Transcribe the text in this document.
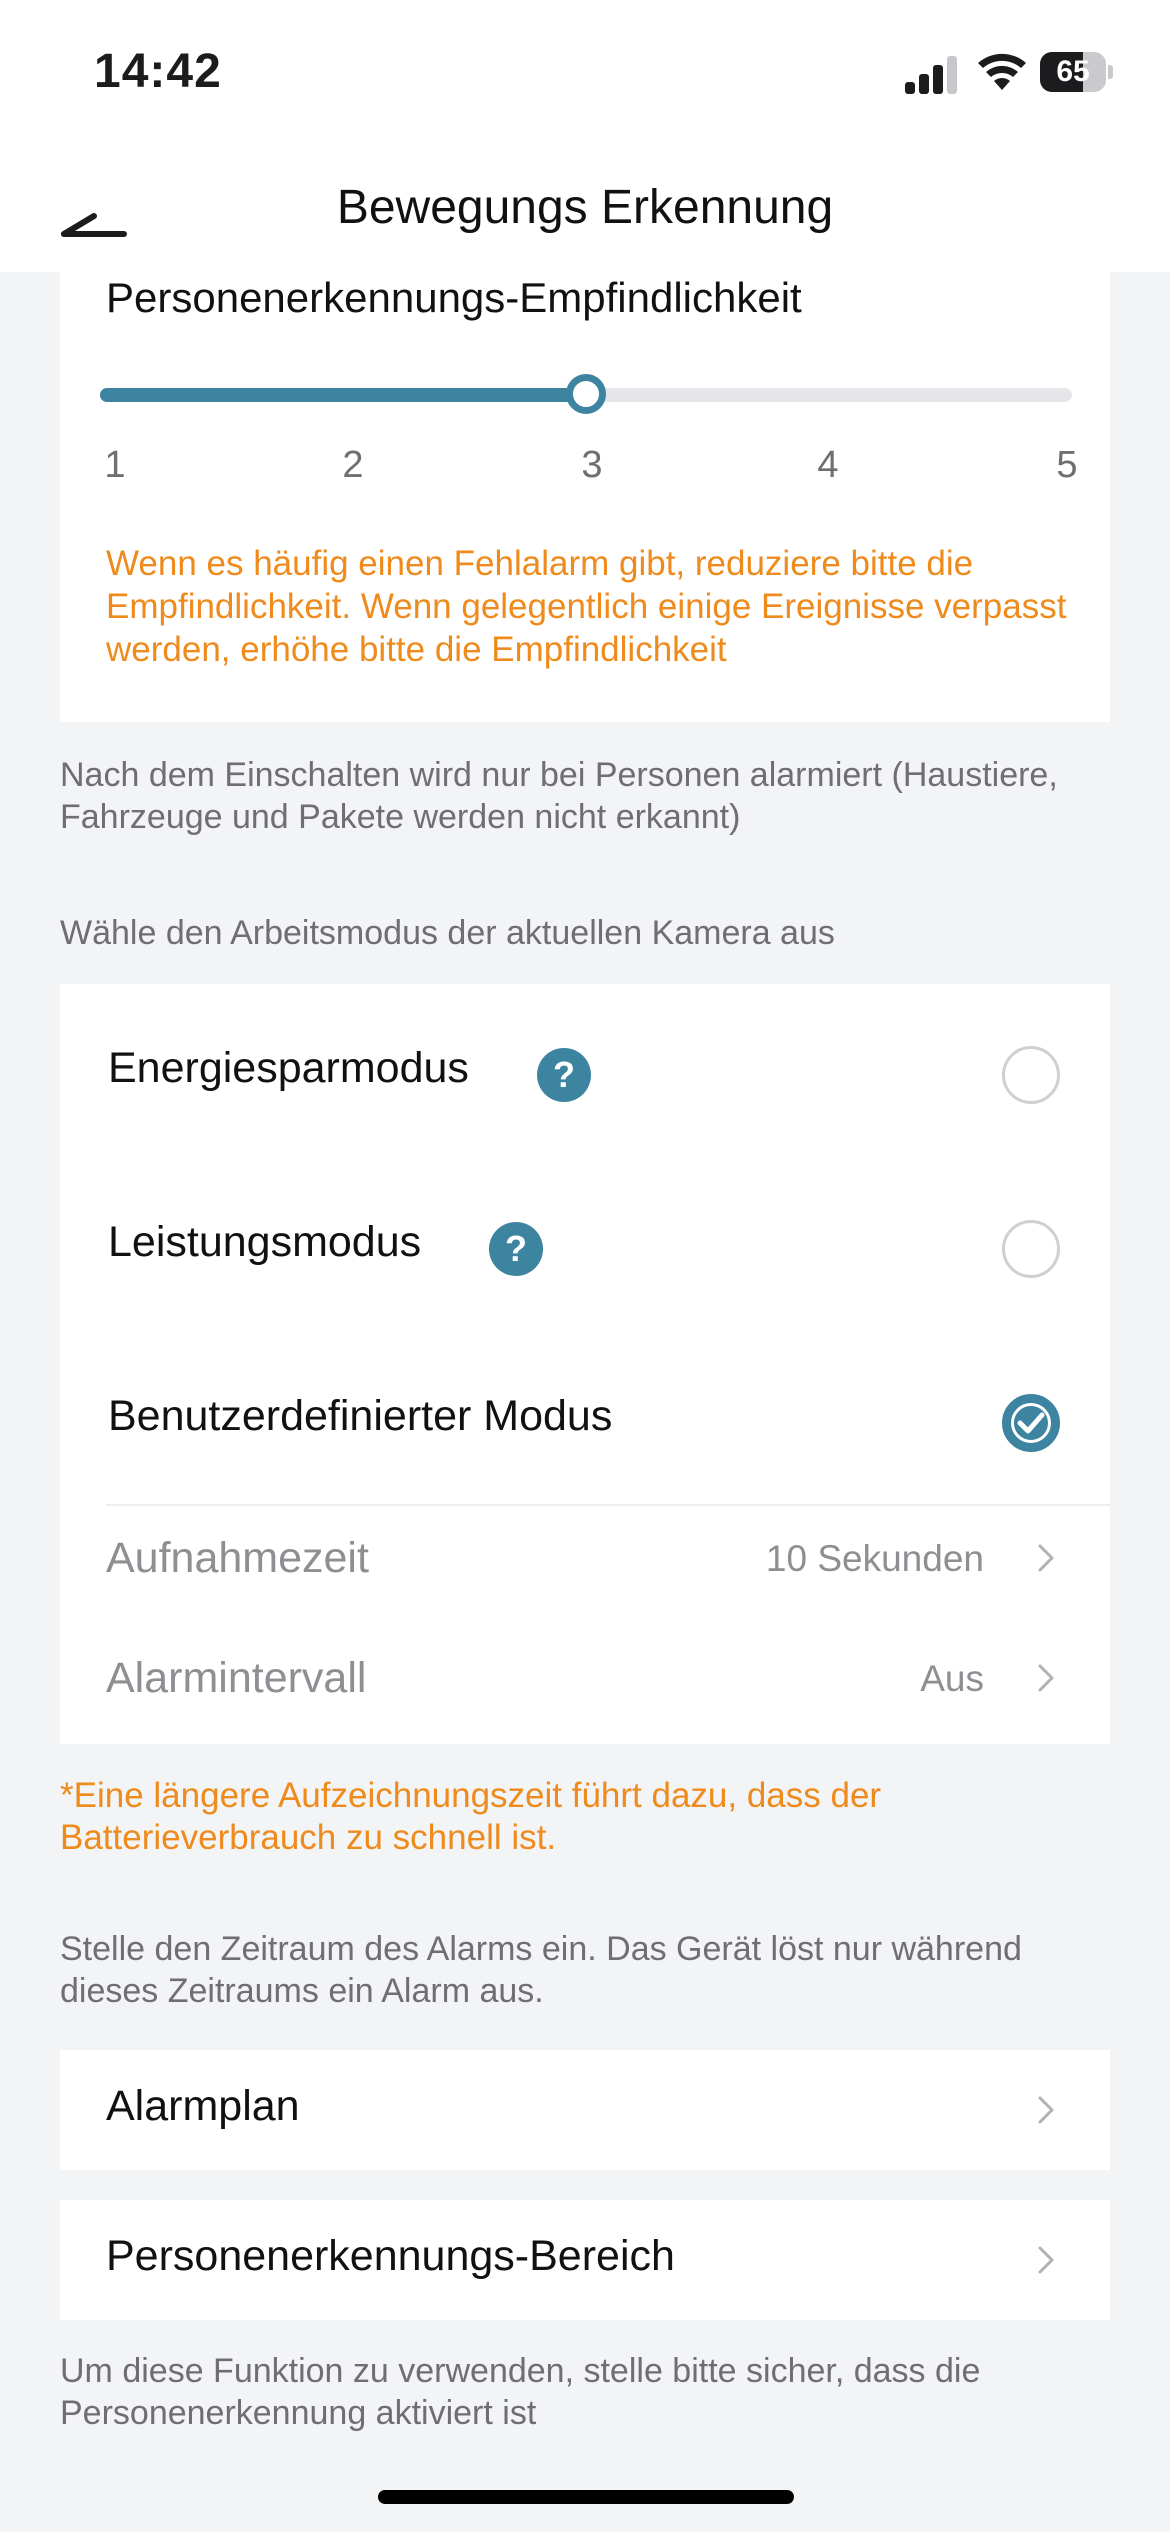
14:42	65
Bewegungs Erkennung
Personenerkennungs-Empfindlichkeit
1	2	3	4	5
Wenn es häufig einen Fehlalarm gibt, reduziere bitte die Empfindlichkeit. Wenn gelegentlich einige Ereignisse verpasst werden, erhöhe bitte die Empfindlichkeit
Nach dem Einschalten wird nur bei Personen alarmiert (Haustiere, Fahrzeuge und Pakete werden nicht erkannt)
Wähle den Arbeitsmodus der aktuellen Kamera aus
Energiesparmodus	?
Leistungsmodus	?
Benutzerdefinierter Modus
Aufnahmezeit	10 Sekunden
Alarmintervall	Aus
*Eine längere Aufzeichnungszeit führt dazu, dass der Batterieverbrauch zu schnell ist.
Stelle den Zeitraum des Alarms ein. Das Gerät löst nur während dieses Zeitraums ein Alarm aus.
Alarmplan
Personenerkennungs-Bereich
Um diese Funktion zu verwenden, stelle bitte sicher, dass die Personenerkennung aktiviert ist
